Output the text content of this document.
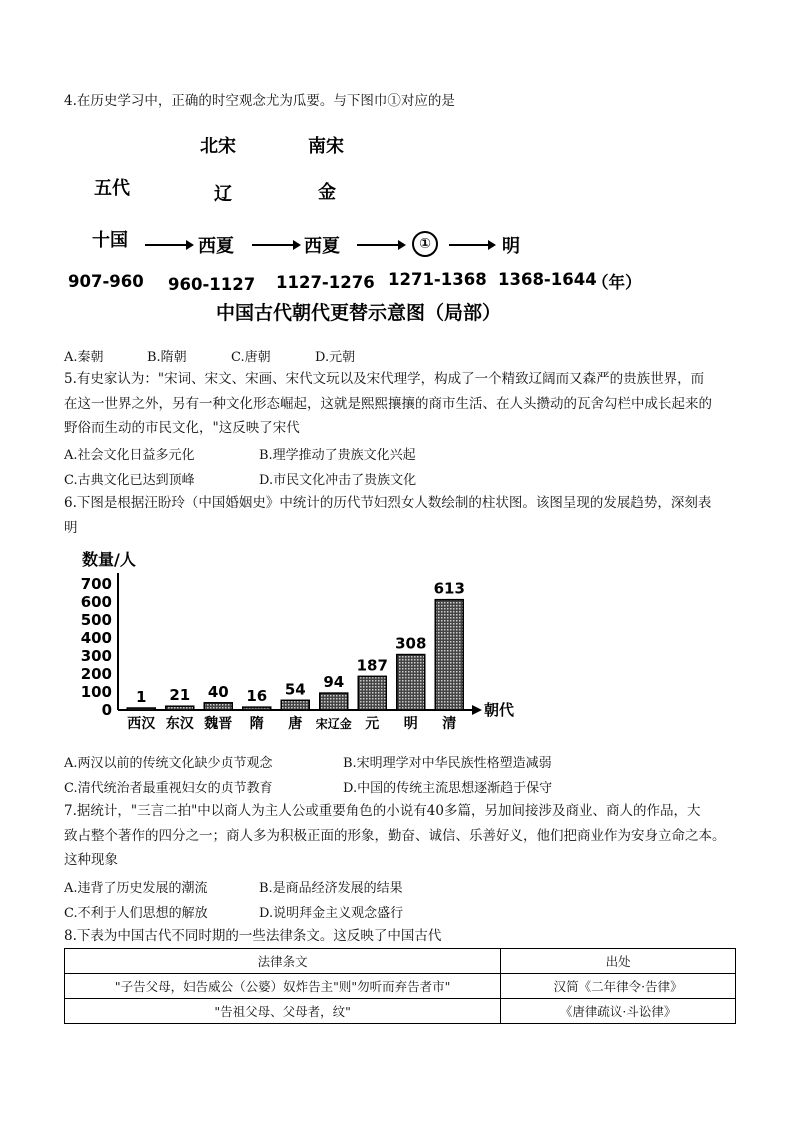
4.在历史学习中，正确的时空观念尤为瓜要。与下图巾①对应的是
北宋	南宋
五代	辽	金
十国	西夏	西夏	①	明
907-960 960-1127 1127-1276 1271-1368 1368-1644
（年）
中国古代朝代更替示意图（局部）
A.秦朝	B.隋朝	C.唐朝	D.元朝
5.有史家认为："宋词、宋文、宋画、宋代文玩以及宋代理学，构成了一个精致辽阔而又森严的贵族世界，而
在这一世界之外，另有一种文化形态崛起，这就是熙熙攘攘的商市生活、在人头攒动的瓦舍勾栏中成长起来的
野俗而生动的市民文化，"这反映了宋代
A.社会文化日益多元化	B.理学推动了贵族文化兴起
C.古典文化已达到顶峰	D.市民文化冲击了贵族文化
6.下图是根据汪盼玲（中国婚姻史》中统计的历代节妇烈女人数绘制的柱状图。该图呈现的发展趋势，深刻表
明
数量/人
0
100
200
300
400
500
600
700
朝代
1
西汉
21
东汉
40
魏晋
16
隋
54
唐
94
宋辽金
187
元
308
明
613
清
A.两汉以前的传统文化缺少贞节观念	B.宋明理学对中华民族性格塑造减弱
C.清代统治者最重视妇女的贞节教育	D.中国的传统主流思想逐渐趋于保守
7.据统计，"三言二拍"中以商人为主人公或重要角色的小说有40多篇，另加间接涉及商业、商人的作品，大
致占整个著作的四分之一；商人多为积极正面的形象，勤奋、诚信、乐善好义，他们把商业作为安身立命之本。
这种现象
A.违背了历史发展的潮流	B.是商品经济发展的结果
C.不利于人们思想的解放	D.说明拜金主义观念盛行
8.下表为中国古代不同时期的一些法律条文。这反映了中国古代
法律条文	出处
"子告父母，妇告威公（公婆）奴炸告主"则"勿听而弃告者市"	汉简《二年律令·告律》
"告祖父母、父母者，纹"	《唐律疏议·斗讼律》
